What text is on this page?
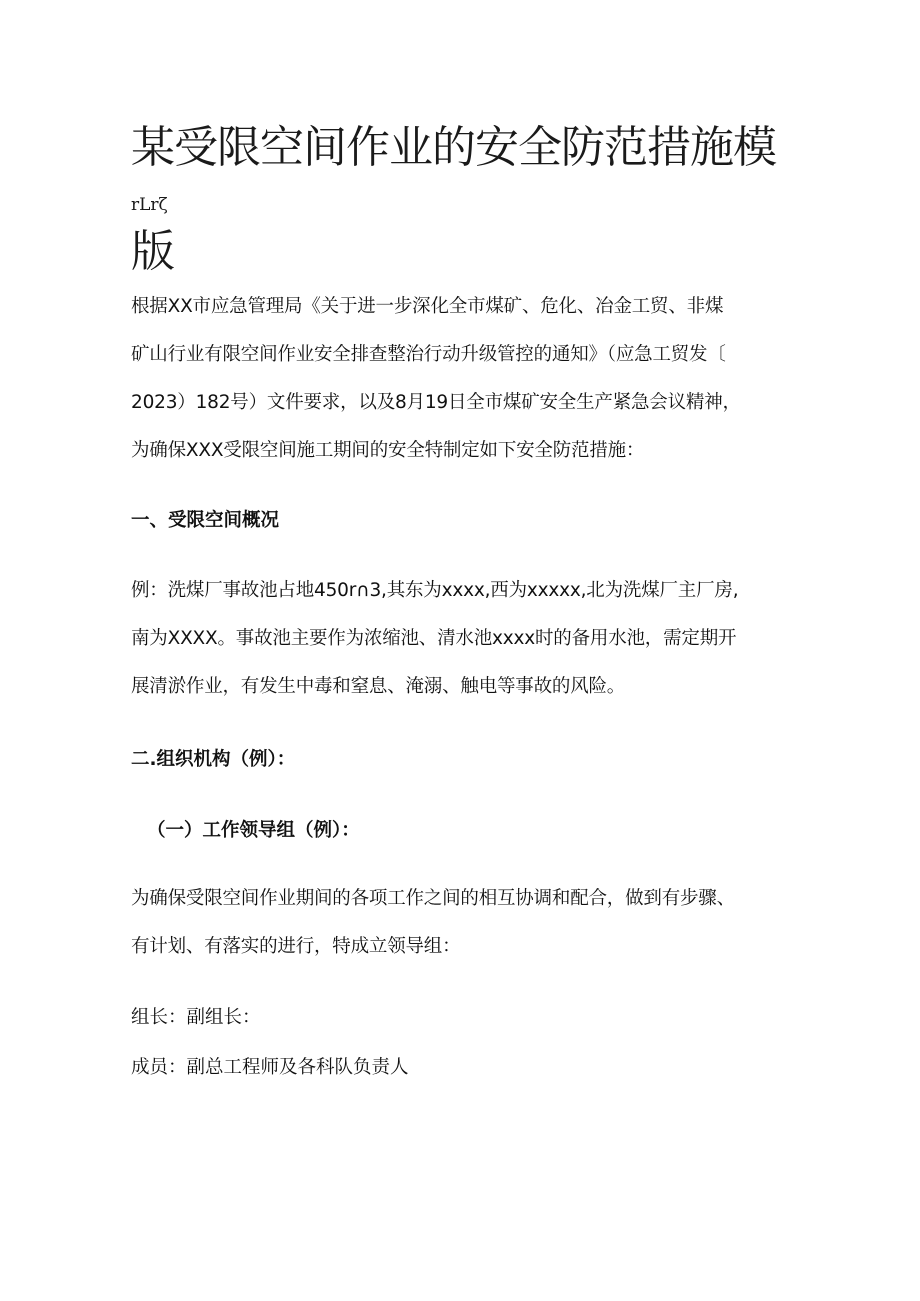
某受限空间作业的安全防范措施模
rLrζ
版
根据XX市应急管理局《关于进一步深化全市煤矿、危化、冶金工贸、非煤
矿山行业有限空间作业安全排查整治行动升级管控的通知》（应急工贸发〔
2023）182号）文件要求，以及8月19日全市煤矿安全生产紧急会议精神，
为确保XXX受限空间施工期间的安全特制定如下安全防范措施：
一、受限空间概况
例：洗煤厂事故池占地450r∩3,其东为xxxx,西为xxxxx,北为洗煤厂主厂房,
南为XXXX。事故池主要作为浓缩池、清水池xxxx时的备用水池，需定期开
展清淤作业，有发生中毒和窒息、淹溺、触电等事故的风险。
二.组织机构（例）：
（一）工作领导组（例）：
为确保受限空间作业期间的各项工作之间的相互协调和配合，做到有步骤、
有计划、有落实的进行，特成立领导组：
组长：副组长：
成员：副总工程师及各科队负责人
